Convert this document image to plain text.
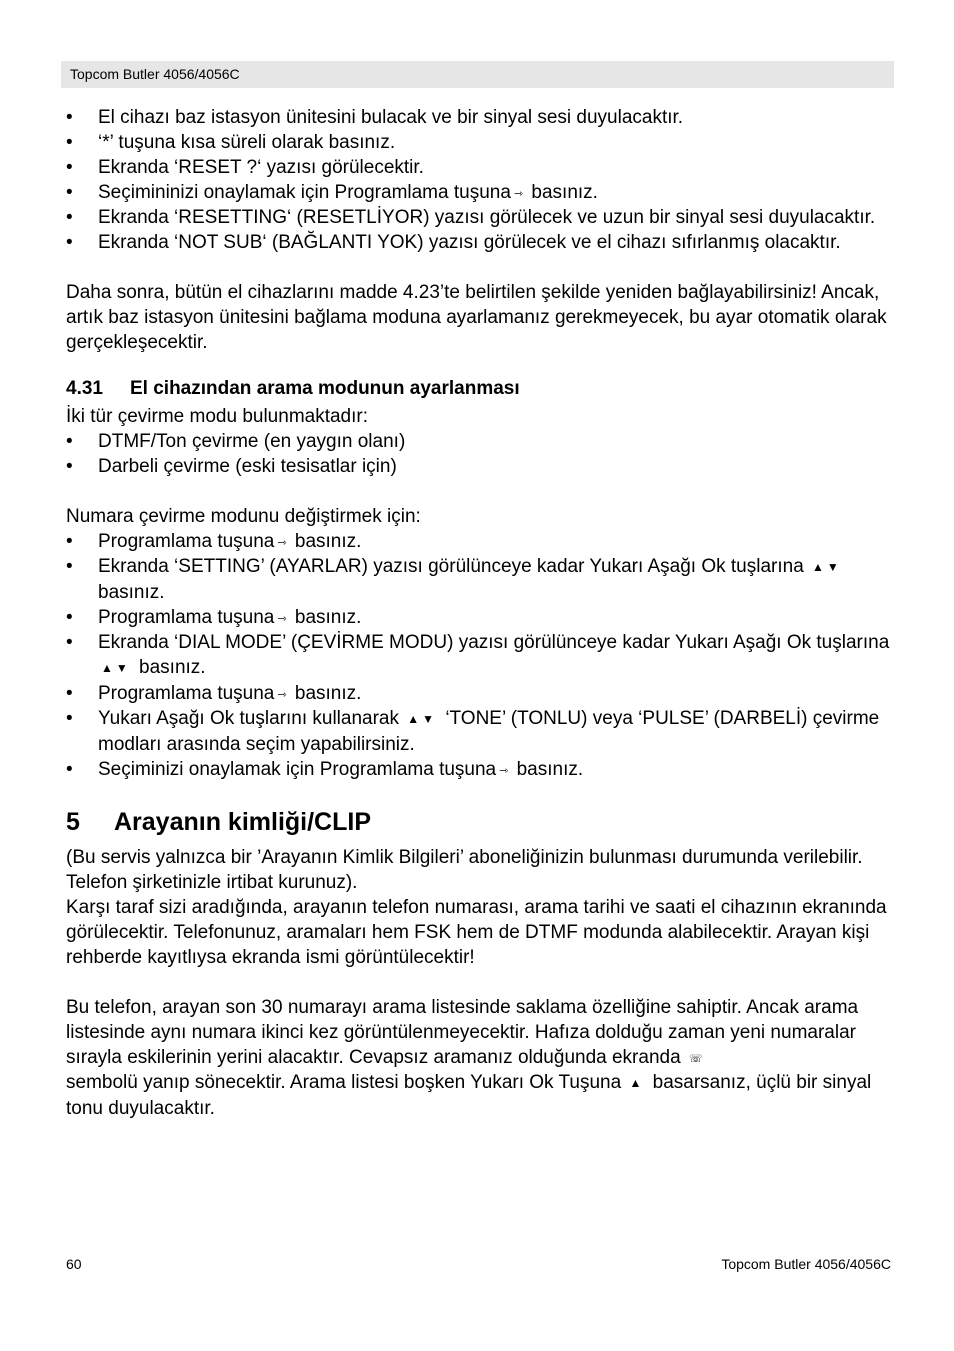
Topcom Butler 4056/4056C
• El cihazı baz istasyon ünitesini bulacak ve bir sinyal sesi duyulacaktır.
• ‘*’ tuşuna kısa süreli olarak basınız.
• Ekranda ‘RESET ?‘ yazısı görülecektir.
• Seçimininizi onaylamak için Programlama tuşuna ⇾ basınız.
• Ekranda ‘RESETTING‘ (RESETLİYOR) yazısı görülecek ve uzun bir sinyal sesi duyulacaktır.
• Ekranda ‘NOT SUB‘ (BAĞLANTI YOK) yazısı görülecek ve el cihazı sıfırlanmış olacaktır.

Daha sonra, bütün el cihazlarını madde 4.23’te belirtilen şekilde yeniden bağlayabilirsiniz! Ancak, artık baz istasyon ünitesini bağlama moduna ayarlamanız gerekmeyecek, bu ayar otomatik olarak gerçekleşecektir.

4.31 El cihazından arama modunun ayarlanması

İki tür çevirme modu bulunmaktadır:

• DTMF/Ton çevirme (en yaygın olanı)
• Darbeli çevirme (eski tesisatlar için)

Numara çevirme modunu değiştirmek için:

• Programlama tuşuna ⇾ basınız.
• Ekranda ‘SETTING’ (AYARLAR) yazısı görülünceye kadar Yukarı Aşağı Ok tuşlarına ▲▼ basınız.
• Programlama tuşuna ⇾ basınız.
• Ekranda ‘DIAL MODE’ (ÇEVİRME MODU) yazısı görülünceye kadar Yukarı Aşağı Ok tuşlarına ▲▼ basınız.
• Programlama tuşuna ⇾ basınız.
• Yukarı Aşağı Ok tuşlarını kullanarak ▲▼ ‘TONE’ (TONLU) veya ‘PULSE’ (DARBELİ) çevirme modları arasında seçim yapabilirsiniz.
• Seçiminizi onaylamak için Programlama tuşuna ⇾ basınız.
5 Arayanın kimliği/CLIP

(Bu servis yalnızca bir ’Arayanın Kimlik Bilgileri’ aboneliğinizin bulunması durumunda verilebilir. Telefon şirketinizle irtibat kurunuz).

Karşı taraf sizi aradığında, arayanın telefon numarası, arama tarihi ve saati el cihazının ekranında görülecektir. Telefonunuz, aramaları hem FSK hem de DTMF modunda alabilecektir. Arayan kişi rehberde kayıtlıysa ekranda ismi görüntülecektir!

Bu telefon, arayan son 30 numarayı arama listesinde saklama özelliğine sahiptir. Ancak arama listesinde aynı numara ikinci kez görüntülenmeyecektir. Hafıza dolduğu zaman yeni numaralar sırayla eskilerinin yerini alacaktır. Cevapsız aramanız olduğunda ekranda ☏
sembolü yanıp sönecektir. Arama listesi boşken Yukarı Ok Tuşuna ▲ basarsanız, üçlü bir sinyal tonu duyulacaktır.

60	Topcom Butler 4056/4056C
